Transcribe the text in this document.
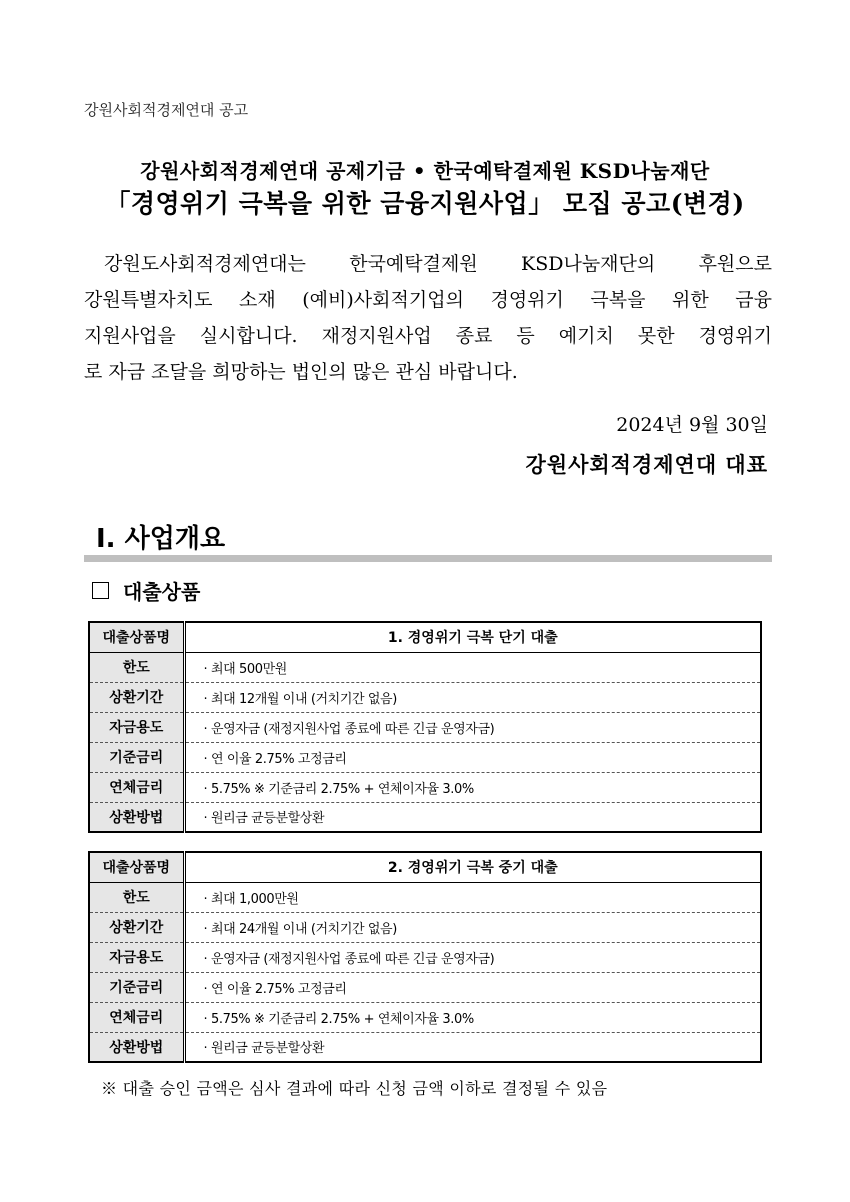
강원사회적경제연대 공고
강원사회적경제연대 공제기금 • 한국예탁결제원 KSD나눔재단
「경영위기 극복을 위한 금융지원사업」 모집 공고(변경)
강원도사회적경제연대는 한국예탁결제원 KSD나눔재단의 후원으로
강원특별자치도 소재 (예비)사회적기업의 경영위기 극복을 위한 금융
지원사업을 실시합니다. 재정지원사업 종료 등 예기치 못한 경영위기
로 자금 조달을 희망하는 법인의 많은 관심 바랍니다.
2024년 9월 30일
강원사회적경제연대 대표
Ⅰ. 사업개요
대출상품
대출상품명	1. 경영위기 극복 단기 대출
한도	· 최대 500만원
상환기간	· 최대 12개월 이내 (거치기간 없음)
자금용도	· 운영자금 (재정지원사업 종료에 따른 긴급 운영자금)
기준금리	· 연 이율 2.75% 고정금리
연체금리	· 5.75% ※ 기준금리 2.75% + 연체이자율 3.0%
상환방법	· 원리금 균등분할상환
대출상품명	2. 경영위기 극복 중기 대출
한도	· 최대 1,000만원
상환기간	· 최대 24개월 이내 (거치기간 없음)
자금용도	· 운영자금 (재정지원사업 종료에 따른 긴급 운영자금)
기준금리	· 연 이율 2.75% 고정금리
연체금리	· 5.75% ※ 기준금리 2.75% + 연체이자율 3.0%
상환방법	· 원리금 균등분할상환
※ 대출 승인 금액은 심사 결과에 따라 신청 금액 이하로 결정될 수 있음
